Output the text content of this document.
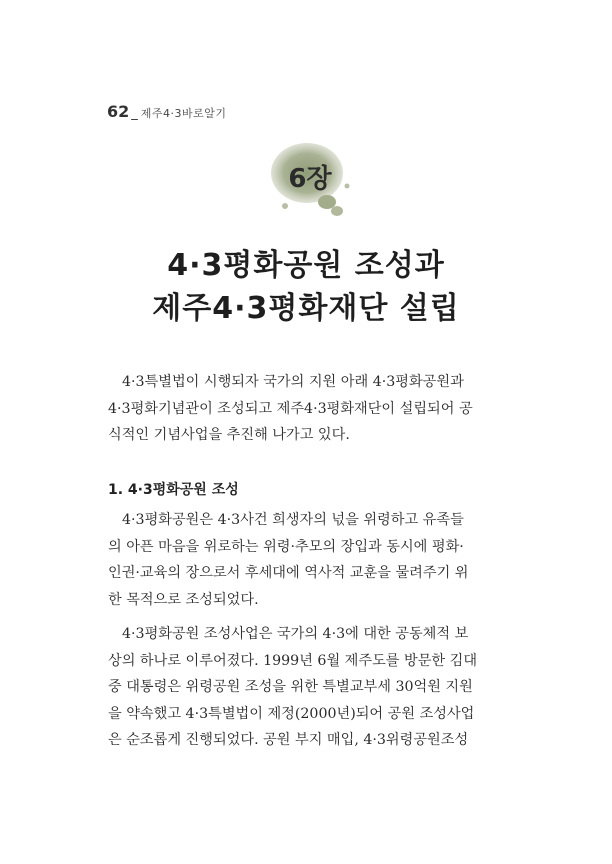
62 _ 제주4·3바로알기
6장
4·3평화공원 조성과
제주4·3평화재단 설립
4·3특별법이 시행되자 국가의 지원 아래 4·3평화공원과
4·3평화기념관이 조성되고 제주4·3평화재단이 설립되어 공
식적인 기념사업을 추진해 나가고 있다.
1. 4·3평화공원 조성
4·3평화공원은 4·3사건 희생자의 넋을 위령하고 유족들
의 아픈 마음을 위로하는 위령·추모의 장입과 동시에 평화·
인권·교육의 장으로서 후세대에 역사적 교훈을 물려주기 위
한 목적으로 조성되었다.
4·3평화공원 조성사업은 국가의 4·3에 대한 공동체적 보
상의 하나로 이루어졌다. 1999년 6월 제주도를 방문한 김대
중 대통령은 위령공원 조성을 위한 특별교부세 30억원 지원
을 약속했고 4·3특별법이 제정(2000년)되어 공원 조성사업
은 순조롭게 진행되었다. 공원 부지 매입, 4·3위령공원조성
